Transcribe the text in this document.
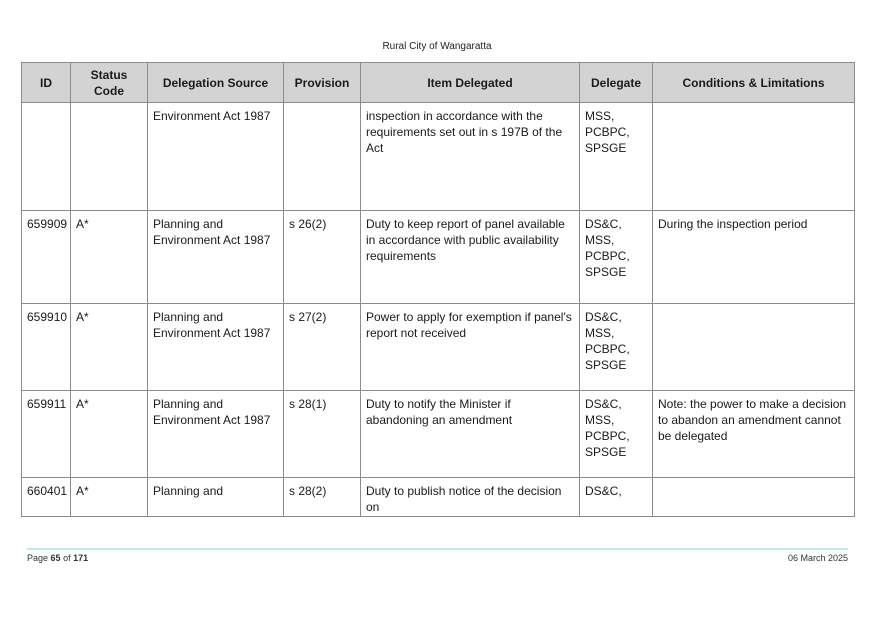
Rural City of Wangaratta
ID	Status Code	Delegation Source	Provision	Item Delegated	Delegate	Conditions & Limitations
		Environment Act 1987		inspection in accordance with the requirements set out in s 197B of the Act	MSS,
PCBPC,
SPSGE	
659909	A*	Planning and
Environment Act 1987	s 26(2)	Duty to keep report of panel available in accordance with public availability requirements	DS&C,
MSS,
PCBPC,
SPSGE	During the inspection period
659910	A*	Planning and
Environment Act 1987	s 27(2)	Power to apply for exemption if panel's report not received	DS&C,
MSS,
PCBPC,
SPSGE	
659911	A*	Planning and
Environment Act 1987	s 28(1)	Duty to notify the Minister if abandoning an amendment	DS&C,
MSS,
PCBPC,
SPSGE	Note: the power to make a decision to abandon an amendment cannot be delegated
660401	A*	Planning and	s 28(2)	Duty to publish notice of the decision on	DS&C,	
Page 65 of 171	06 March 2025
